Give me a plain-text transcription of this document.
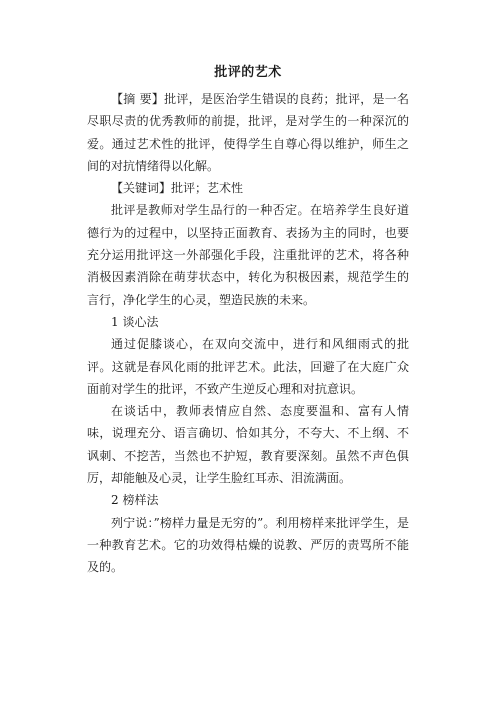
批评的艺术

【摘 要】批评，是医治学生错误的良药；批评，是一名尽职尽责的优秀教师的前提，批评，是对学生的一种深沉的爱。通过艺术性的批评，使得学生自尊心得以维护，师生之间的对抗情绪得以化解。

【关键词】批评；艺术性

批评是教师对学生品行的一种否定。在培养学生良好道德行为的过程中，以坚持正面教育、表扬为主的同时，也要充分运用批评这一外部强化手段，注重批评的艺术，将各种消极因素消除在萌芽状态中，转化为积极因素，规范学生的言行，净化学生的心灵，塑造民族的未来。

1 谈心法

通过促膝谈心，在双向交流中，进行和风细雨式的批评。这就是春风化雨的批评艺术。此法，回避了在大庭广众面前对学生的批评，不致产生逆反心理和对抗意识。

在谈话中，教师表情应自然、态度要温和、富有人情味，说理充分、语言确切、恰如其分，不夸大、不上纲、不讽刺、不挖苦，当然也不护短，教育要深刻。虽然不声色俱厉，却能触及心灵，让学生脸红耳赤、泪流满面。

2 榜样法

列宁说：”榜样力量是无穷的”。利用榜样来批评学生，是一种教育艺术。它的功效得枯燥的说教、严厉的责骂所不能及的。
